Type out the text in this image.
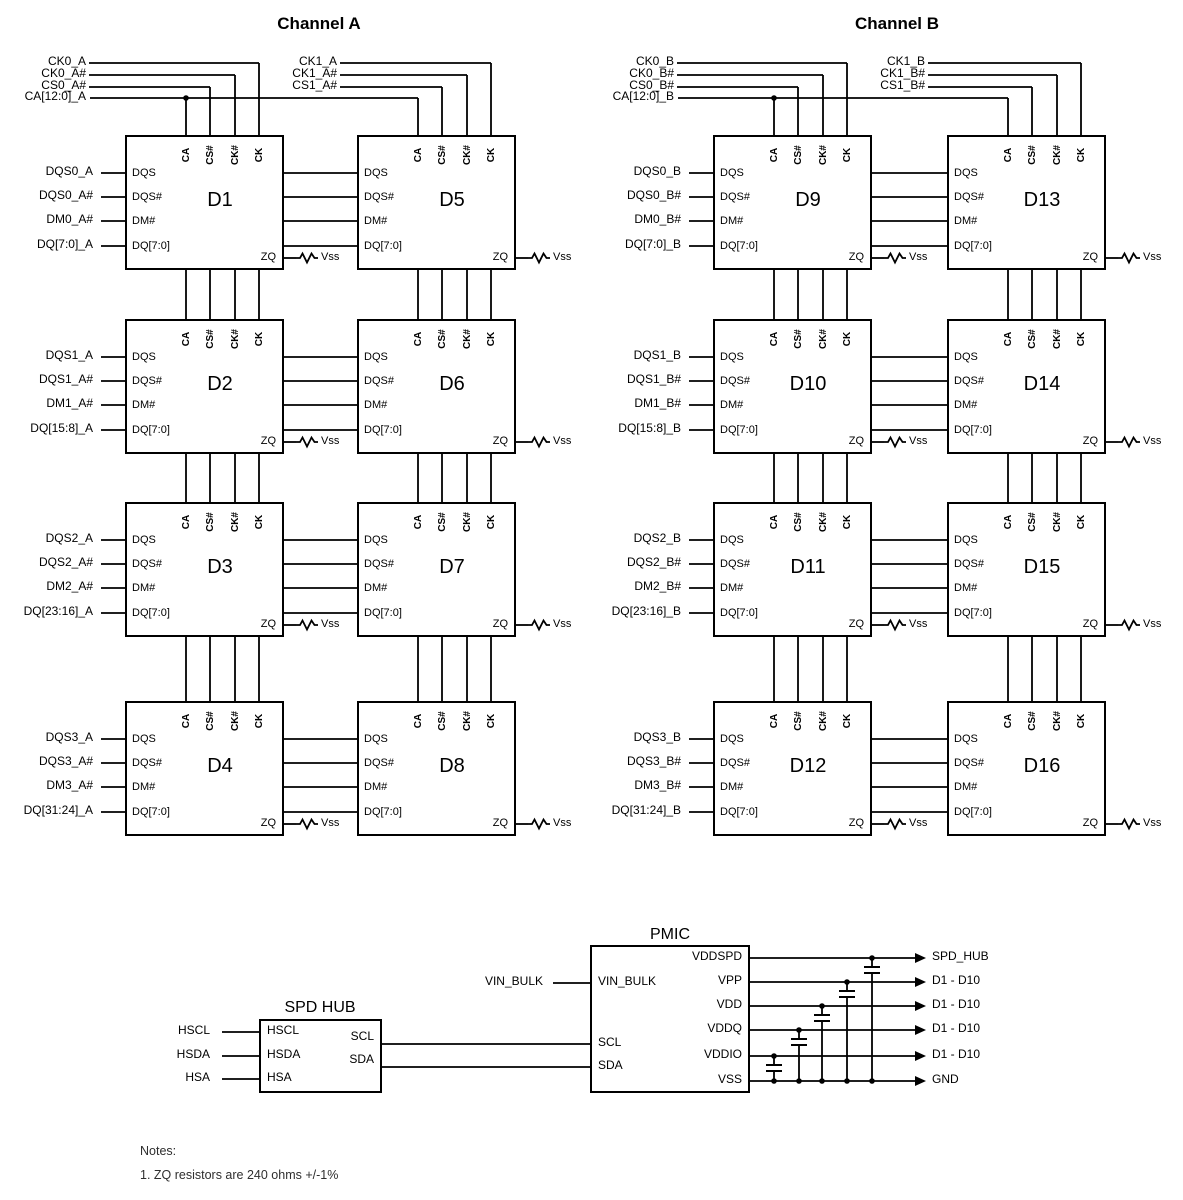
Channel A	Channel B
SPD HUB
PMIC
Notes:
1. ZQ resistors are 240 ohms +/-1%
CK0_A
CK0_A#
CS0_A#
CA[12:0]_A
CK1_A
CK1_A#
CS1_A#
CK0_B
CK0_B#
CS0_B#
CA[12:0]_B
CK1_B
CK1_B#
CS1_B#
D1
DQS
DQS#
DM#
DQ[7:0]
CA CS# CK# CK
ZQ
DQS0_A
DQS0_A#
DM0_A#
DQ[7:0]_A
Vss
D2
DQS
DQS#
DM#
DQ[7:0]
CA CS# CK# CK
ZQ
DQS1_A
DQS1_A#
DM1_A#
DQ[15:8]_A
Vss
D3
DQS
DQS#
DM#
DQ[7:0]
CA CS# CK# CK
ZQ
DQS2_A
DQS2_A#
DM2_A#
DQ[23:16]_A
Vss
D4
DQS
DQS#
DM#
DQ[7:0]
CA CS# CK# CK
ZQ
DQS3_A
DQS3_A#
DM3_A#
DQ[31:24]_A
Vss
D5
DQS
DQS#
DM#
DQ[7:0]
CA CS# CK# CK
ZQ	Vss
D6
DQS
DQS#
DM#
DQ[7:0]
CA CS# CK# CK
ZQ	Vss
D7
DQS
DQS#
DM#
DQ[7:0]
CA CS# CK# CK
ZQ	Vss
D8
DQS
DQS#
DM#
DQ[7:0]
CA CS# CK# CK
ZQ	Vss
D9
DQS
DQS#
DM#
DQ[7:0]
CA CS# CK# CK
ZQ
DQS0_B
DQS0_B#
DM0_B#
DQ[7:0]_B
Vss
D10
DQS
DQS#
DM#
DQ[7:0]
CA CS# CK# CK
ZQ
DQS1_B
DQS1_B#
DM1_B#
DQ[15:8]_B
Vss
D11
DQS
DQS#
DM#
DQ[7:0]
CA CS# CK# CK
ZQ
DQS2_B
DQS2_B#
DM2_B#
DQ[23:16]_B
Vss
D12
DQS
DQS#
DM#
DQ[7:0]
CA CS# CK# CK
ZQ
DQS3_B
DQS3_B#
DM3_B#
DQ[31:24]_B
Vss
D13
DQS
DQS#
DM#
DQ[7:0]
CA CS# CK# CK
ZQ	Vss
D14
DQS
DQS#
DM#
DQ[7:0]
CA CS# CK# CK
ZQ	Vss
D15
DQS
DQS#
DM#
DQ[7:0]
CA CS# CK# CK
ZQ	Vss
D16
DQS
DQS#
DM#
DQ[7:0]
CA CS# CK# CK
ZQ	Vss
HSCL
HSDA
HSA
HSCL
HSDA
HSA
SCL
SDA
VIN_BULK
SCL
SDA
VIN_BULK
VDDSPD	SPD_HUB
VPP	D1 - D10
VDD	D1 - D10
VDDQ	D1 - D10
VDDIO	D1 - D10
VSS	GND
